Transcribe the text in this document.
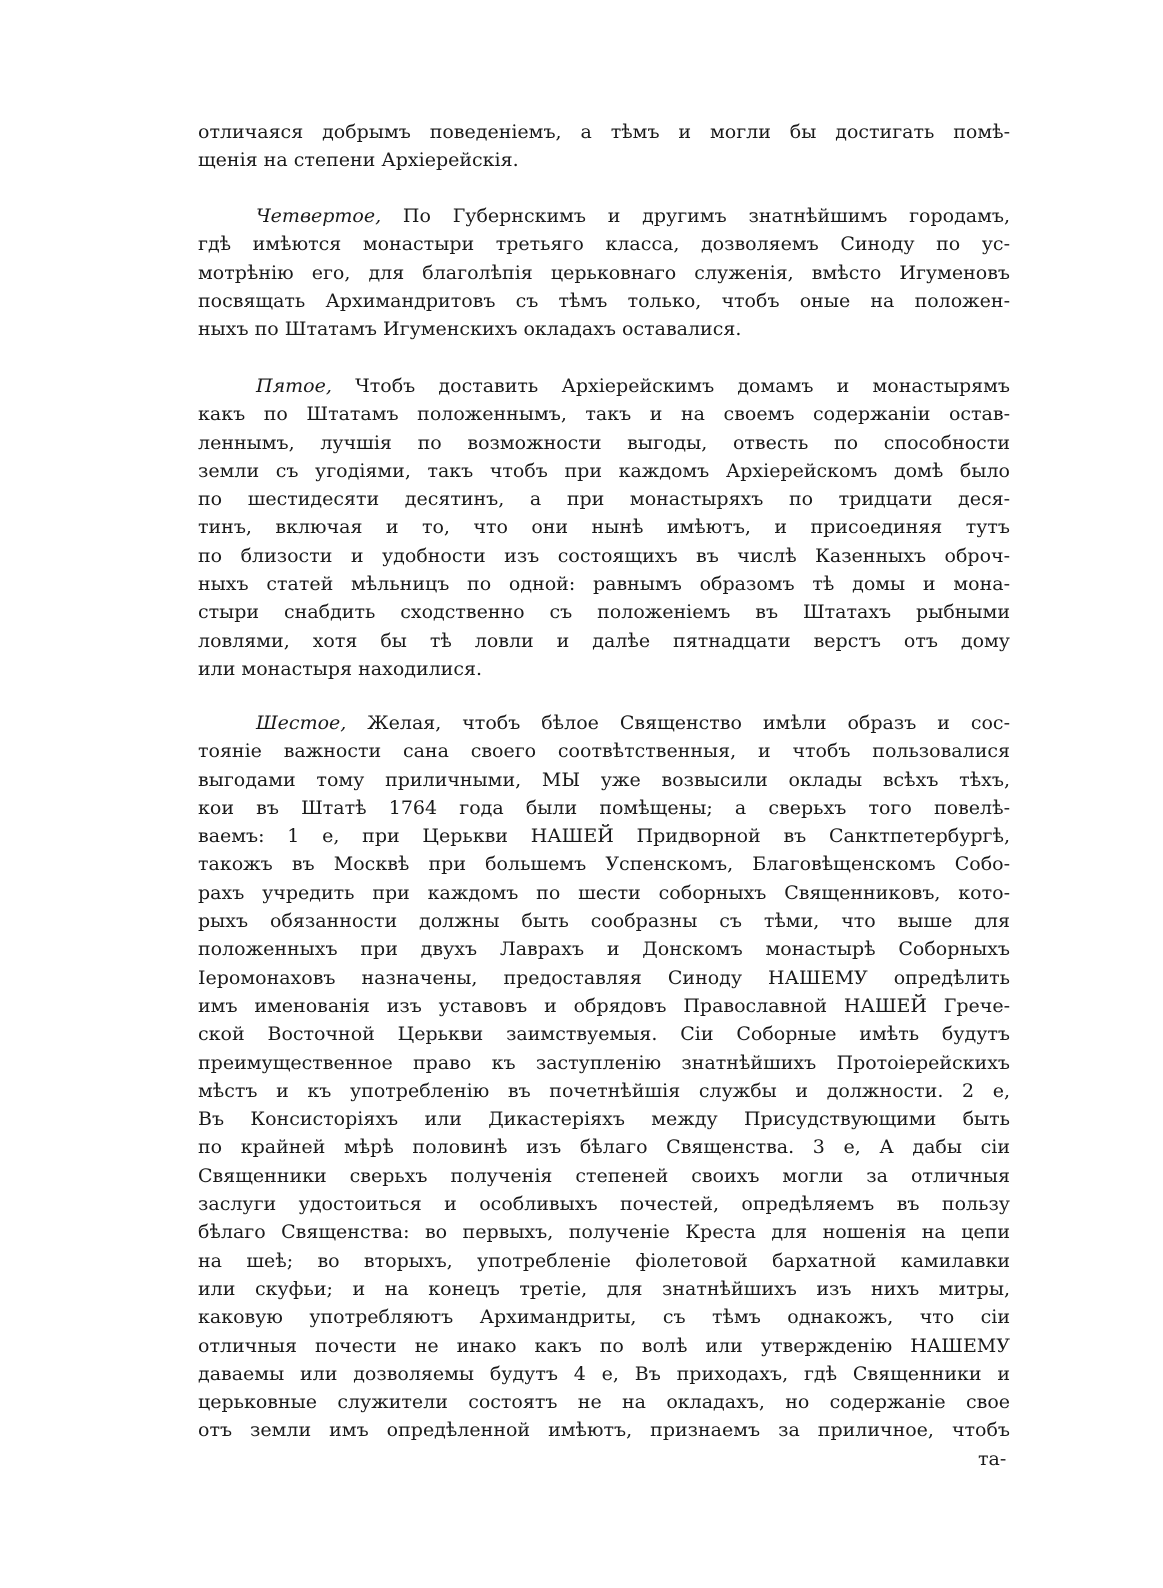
отличаяся добрымъ поведенiемъ, а тѣмъ и могли бы достигать помѣ-
щенiя на степени Архiерейскiя.
Четвертое, По Губернскимъ и другимъ знатнѣйшимъ городамъ,
гдѣ имѣются монастыри третьяго класса, дозволяемъ Синоду по ус-
мотрѣнiю его, для благолѣпiя церьковнаго служенiя, вмѣсто Игуменовъ
посвящать Архимандритовъ съ тѣмъ только, чтобъ оные на положен-
ныхъ по Штатамъ Игуменскихъ окладахъ оставалися.
Пятое, Чтобъ доставить Архiерейскимъ домамъ и монастырямъ
какъ по Штатамъ положеннымъ, такъ и на своемъ содержанiи остав-
леннымъ, лучшiя по возможности выгоды, отвесть по способности
земли съ угодiями, такъ чтобъ при каждомъ Архiерейскомъ домѣ было
по шестидесяти десятинъ, а при монастыряхъ по тридцати деся-
тинъ, включая и то, что они нынѣ имѣютъ, и присоединяя тутъ
по близости и удобности изъ состоящихъ въ числѣ Казенныхъ оброч-
ныхъ статей мѣльницъ по одной: равнымъ образомъ тѣ домы и мона-
стыри снабдить сходственно съ положенiемъ въ Штатахъ рыбными
ловлями, хотя бы тѣ ловли и далѣе пятнадцати верстъ отъ дому
или монастыря находилися.
Шестое, Желая, чтобъ бѣлое Священство имѣли образъ и сос-
тоянiе важности сана своего соотвѣтственныя, и чтобъ пользовалися
выгодами тому приличными, МЫ уже возвысили оклады всѣхъ тѣхъ,
кои въ Штатѣ 1764 года были помѣщены; а сверьхъ того повелѣ-
ваемъ: 1 е, при Церькви НАШЕЙ Придворной въ Санктпетербургѣ,
такожъ въ Москвѣ при большемъ Успенскомъ, Благовѣщенскомъ Собо-
рахъ учредить при каждомъ по шести соборныхъ Священниковъ, кото-
рыхъ обязанности должны быть сообразны съ тѣми, что выше для
положенныхъ при двухъ Лаврахъ и Донскомъ монастырѣ Соборныхъ
Iеромонаховъ назначены, предоставляя Синоду НАШЕМУ опредѣлить
имъ именованiя изъ уставовъ и обрядовъ Православной НАШЕЙ Грече-
ской Восточной Церькви заимствуемыя. Сiи Соборные имѣть будутъ
преимущественное право къ заступленiю знатнѣйшихъ Протоiерейскихъ
мѣстъ и къ употребленiю въ почетнѣйшiя службы и должности. 2 е,
Въ Консисторiяхъ или Дикастерiяхъ между Присудствующими быть
по крайней мѣрѣ половинѣ изъ бѣлаго Священства. 3 е, А дабы сiи
Священники сверьхъ полученiя степеней своихъ могли за отличныя
заслуги удостоиться и особливыхъ почестей, опредѣляемъ въ пользу
бѣлаго Священства: во первыхъ, полученiе Креста для ношенiя на цепи
на шеѣ; во вторыхъ, употребленiе фiолетовой бархатной камилавки
или скуфьи; и на конецъ третiе, для знатнѣйшихъ изъ нихъ митры,
каковую употребляютъ Архимандриты, съ тѣмъ однакожъ, что сiи
отличныя почести не инако какъ по волѣ или утвержденiю НАШЕМУ
даваемы или дозволяемы будутъ 4 е, Въ приходахъ, гдѣ Священники и
церьковные служители состоятъ не на окладахъ, но содержанiе свое
отъ земли имъ опредѣленной имѣютъ, признаемъ за приличное, чтобъ
та-
